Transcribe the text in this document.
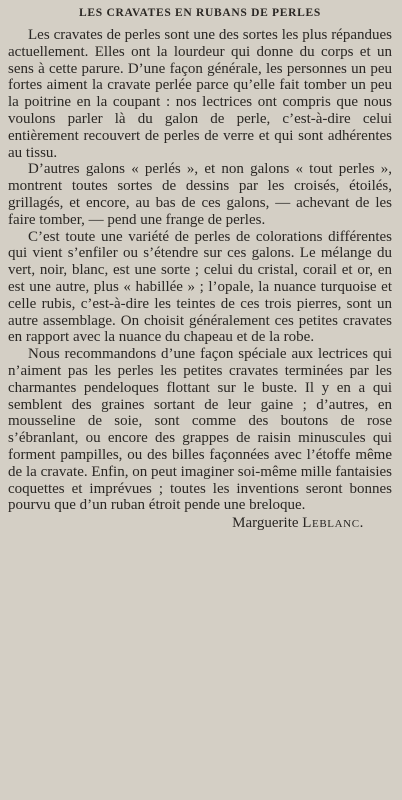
LES CRAVATES EN RUBANS DE PERLES

Les cravates de perles sont une des sortes les plus répandues actuellement. Elles ont la lourdeur qui donne du corps et un sens à cette parure. D’une façon générale, les personnes un peu fortes aiment la cravate perlée parce qu’elle fait tomber un peu la poitrine en la coupant : nos lectrices ont compris que nous voulons parler là du galon de perle, c’est-à-dire celui entièrement recouvert de perles de verre et qui sont adhérentes au tissu.

D’autres galons « perlés », et non galons « tout perles », montrent toutes sortes de dessins par les croisés, étoilés, grillagés, et encore, au bas de ces galons, — achevant de les faire tomber, — pend une frange de perles.

C’est toute une variété de perles de colorations différentes qui vient s’enfiler ou s’étendre sur ces galons. Le mélange du vert, noir, blanc, est une sorte ; celui du cristal, corail et or, en est une autre, plus « habillée » ; l’opale, la nuance turquoise et celle rubis, c’est-à-dire les teintes de ces trois pierres, sont un autre assemblage. On choisit généralement ces petites cravates en rapport avec la nuance du chapeau et de la robe.

Nous recommandons d’une façon spéciale aux lectrices qui n’aiment pas les perles les petites cravates terminées par les charmantes pendeloques flottant sur le buste. Il y en a qui semblent des graines sortant de leur gaine ; d’autres, en mousseline de soie, sont comme des boutons de rose s’ébranlant, ou encore des grappes de raisin minuscules qui forment pampilles, ou des billes façonnées avec l’étoffe même de la cravate. Enfin, on peut imaginer soi-même mille fantaisies coquettes et imprévues ; toutes les inventions seront bonnes pourvu que d’un ruban étroit pende une breloque.

Marguerite Leblanc.
